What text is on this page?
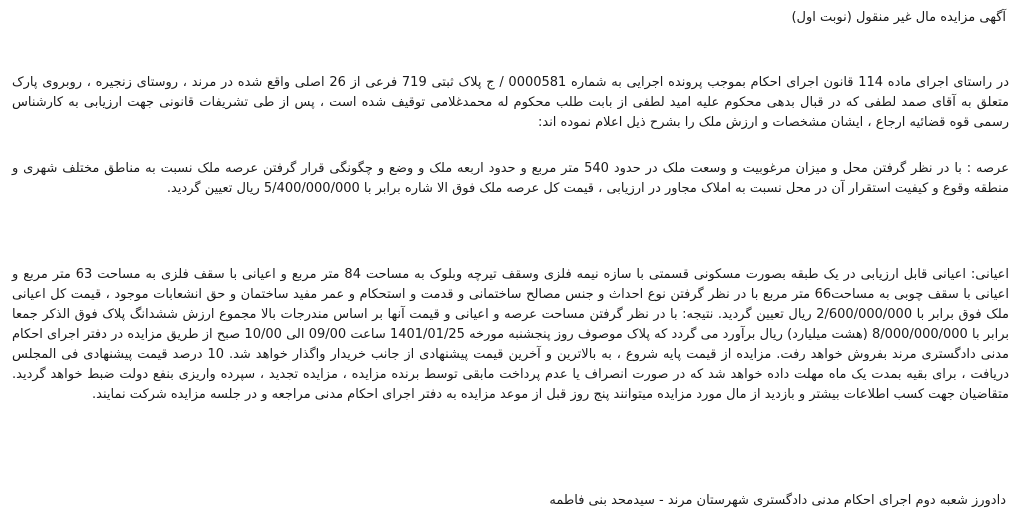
آگهی مزایده مال غیر منقول (نوبت اول)

در راستای اجرای ماده 114 قانون اجرای احکام بموجب پرونده اجرایی به شماره 0000581 / ج پلاک ثبتی 719 فرعی از 26 اصلی واقع شده در مرند ، روستای زنجیره ، روبروی پارک متعلق به آقای صمد لطفی که در قبال بدهی محکوم علیه امید لطفی از بابت طلب محکوم له محمدغلامی توقیف شده است ، پس از طی تشریفات قانونی جهت ارزیابی به کارشناس رسمی قوه قضائیه ارجاع ، ایشان مشخصات و ارزش ملک را بشرح ذیل اعلام نموده اند:

عرصه : با در نظر گرفتن محل و میزان مرغوبیت و وسعت ملک در حدود 540 متر مربع و حدود اربعه ملک و وضع و چگونگی قرار گرفتن عرصه ملک نسبت به مناطق مختلف شهری و منطقه وقوع و کیفیت استقرار آن در محل نسبت به املاک مجاور در ارزیابی ، قیمت کل عرصه ملک فوق الا شاره برابر با 5/400/000/000 ریال تعیین گردید.

اعیانی: اعیانی قابل ارزیابی در یک طبقه بصورت مسکونی قسمتی با سازه نیمه فلزی وسقف تیرچه وبلوک به مساحت 84 متر مربع و اعیانی با سقف فلزی به مساحت 63 متر مربع و اعیانی با سقف چوبی به مساحت66 متر مربع با در نظر گرفتن نوع احداث و جنس مصالح ساختمانی و قدمت و استحکام و عمر مفید ساختمان و حق انشعابات موجود ، قیمت کل اعیانی ملک فوق برابر با 2/600/000/000 ریال تعیین گردید. نتیجه: با در نظر گرفتن مساحت عرصه و اعیانی و قیمت آنها بر اساس مندرجات بالا مجموع ارزش ششدانگ پلاک فوق الذکر جمعا برابر با 8/000/000/000 (هشت میلیارد) ریال برآورد می گردد که پلاک موصوف روز پنجشنبه مورخه 1401/01/25 ساعت 09/00 الی 10/00 صبح از طریق مزایده در دفتر اجرای احکام مدنی دادگستری مرند بفروش خواهد رفت. مزایده از قیمت پایه شروع ، به بالاترین و آخرین قیمت پیشنهادی از جانب خریدار واگذار خواهد شد. 10 درصد قیمت پیشنهادی فی المجلس دریافت ، برای بقیه بمدت یک ماه مهلت داده خواهد شد که در صورت انصراف یا عدم پرداخت مابقی توسط برنده مزایده ، مزایده تجدید ، سپرده واریزی بنفع دولت ضبط خواهد گردید. متقاضیان جهت کسب اطلاعات بیشتر و بازدید از مال مورد مزایده میتوانند پنج روز قبل از موعد مزایده به دفتر اجرای احکام مدنی مراجعه و در جلسه مزایده شرکت نمایند.

دادورز شعبه دوم اجرای احکام مدنی دادگستری شهرستان مرند - سیدمحد بنی فاطمه
